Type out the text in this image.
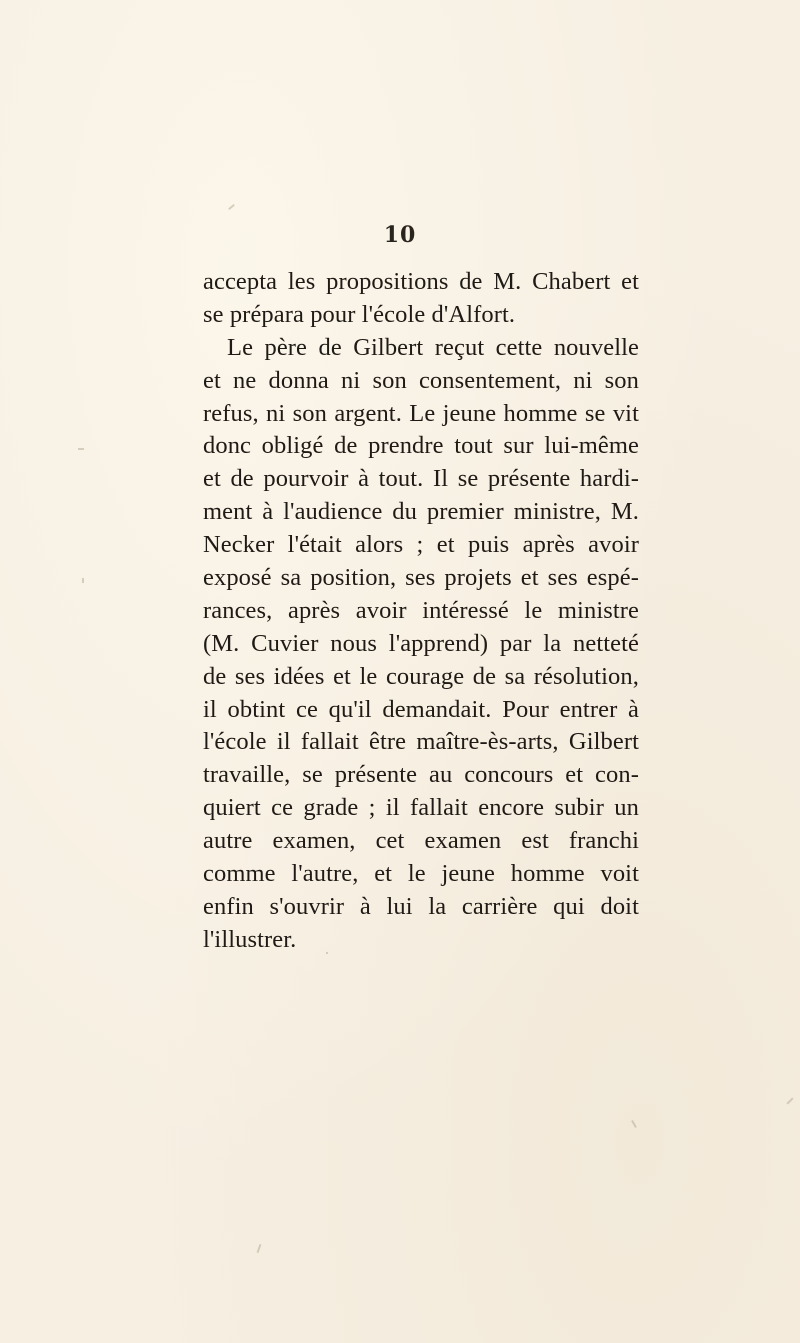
10
accepta les propositions de M. Chabert et
se prépara pour l'école d'Alfort.
Le père de Gilbert reçut cette nouvelle
et ne donna ni son consentement, ni son
refus, ni son argent. Le jeune homme se vit
donc obligé de prendre tout sur lui-même
et de pourvoir à tout. Il se présente hardi-
ment à l'audience du premier ministre, M.
Necker l'était alors ; et puis après avoir
exposé sa position, ses projets et ses espé-
rances, après avoir intéressé le ministre
(M. Cuvier nous l'apprend) par la netteté
de ses idées et le courage de sa résolution,
il obtint ce qu'il demandait. Pour entrer à
l'école il fallait être maître-ès-arts, Gilbert
travaille, se présente au concours et con-
quiert ce grade ; il fallait encore subir un
autre examen, cet examen est franchi
comme l'autre, et le jeune homme voit
enfin s'ouvrir à lui la carrière qui doit
l'illustrer.
